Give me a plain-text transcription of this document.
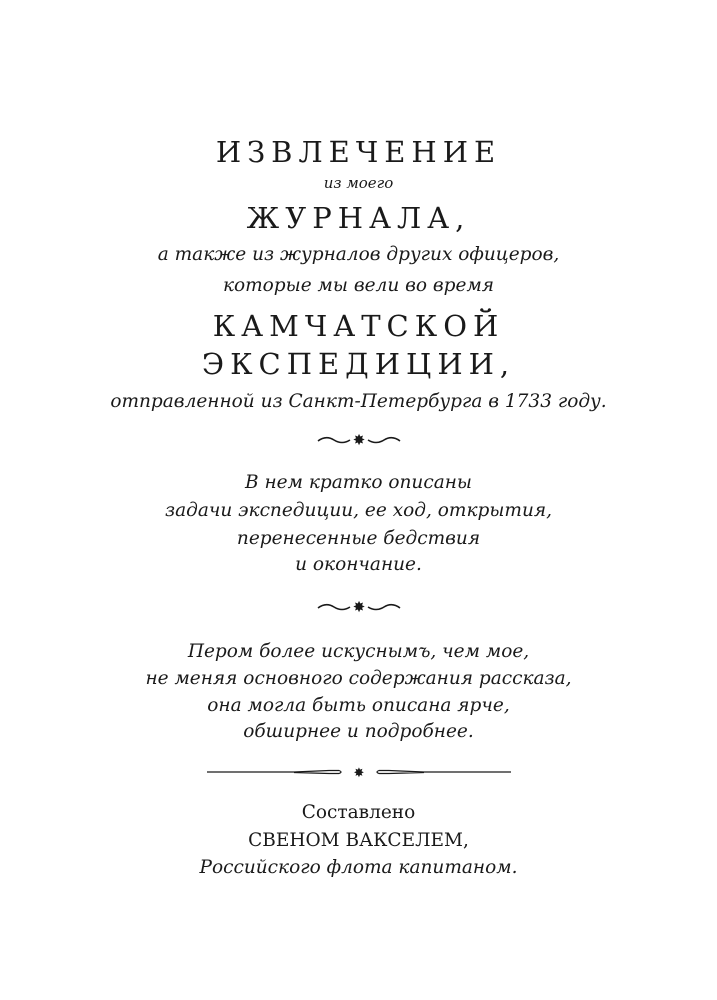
ИЗВЛЕЧЕНИЕ
из моего
ЖУРНАЛА,
а также из журналов других офицеров,
которые мы вели во время
КАМЧАТСКОЙ
ЭКСПЕДИЦИИ,
отправленной из Санкт-Петербурга в 1733 году.
✸
В нем кратко описаны
задачи экспедиции, ее ход, открытия,
перенесенные бедствия
и окончание.
✸
Пером более искуснымъ, чем мое,
не меняя основного содержания рассказа,
она могла быть описана ярче,
обширнее и подробнее.
✸
Составлено
СВЕНОМ ВАКСЕЛЕМ,
Российского флота капитаном.
